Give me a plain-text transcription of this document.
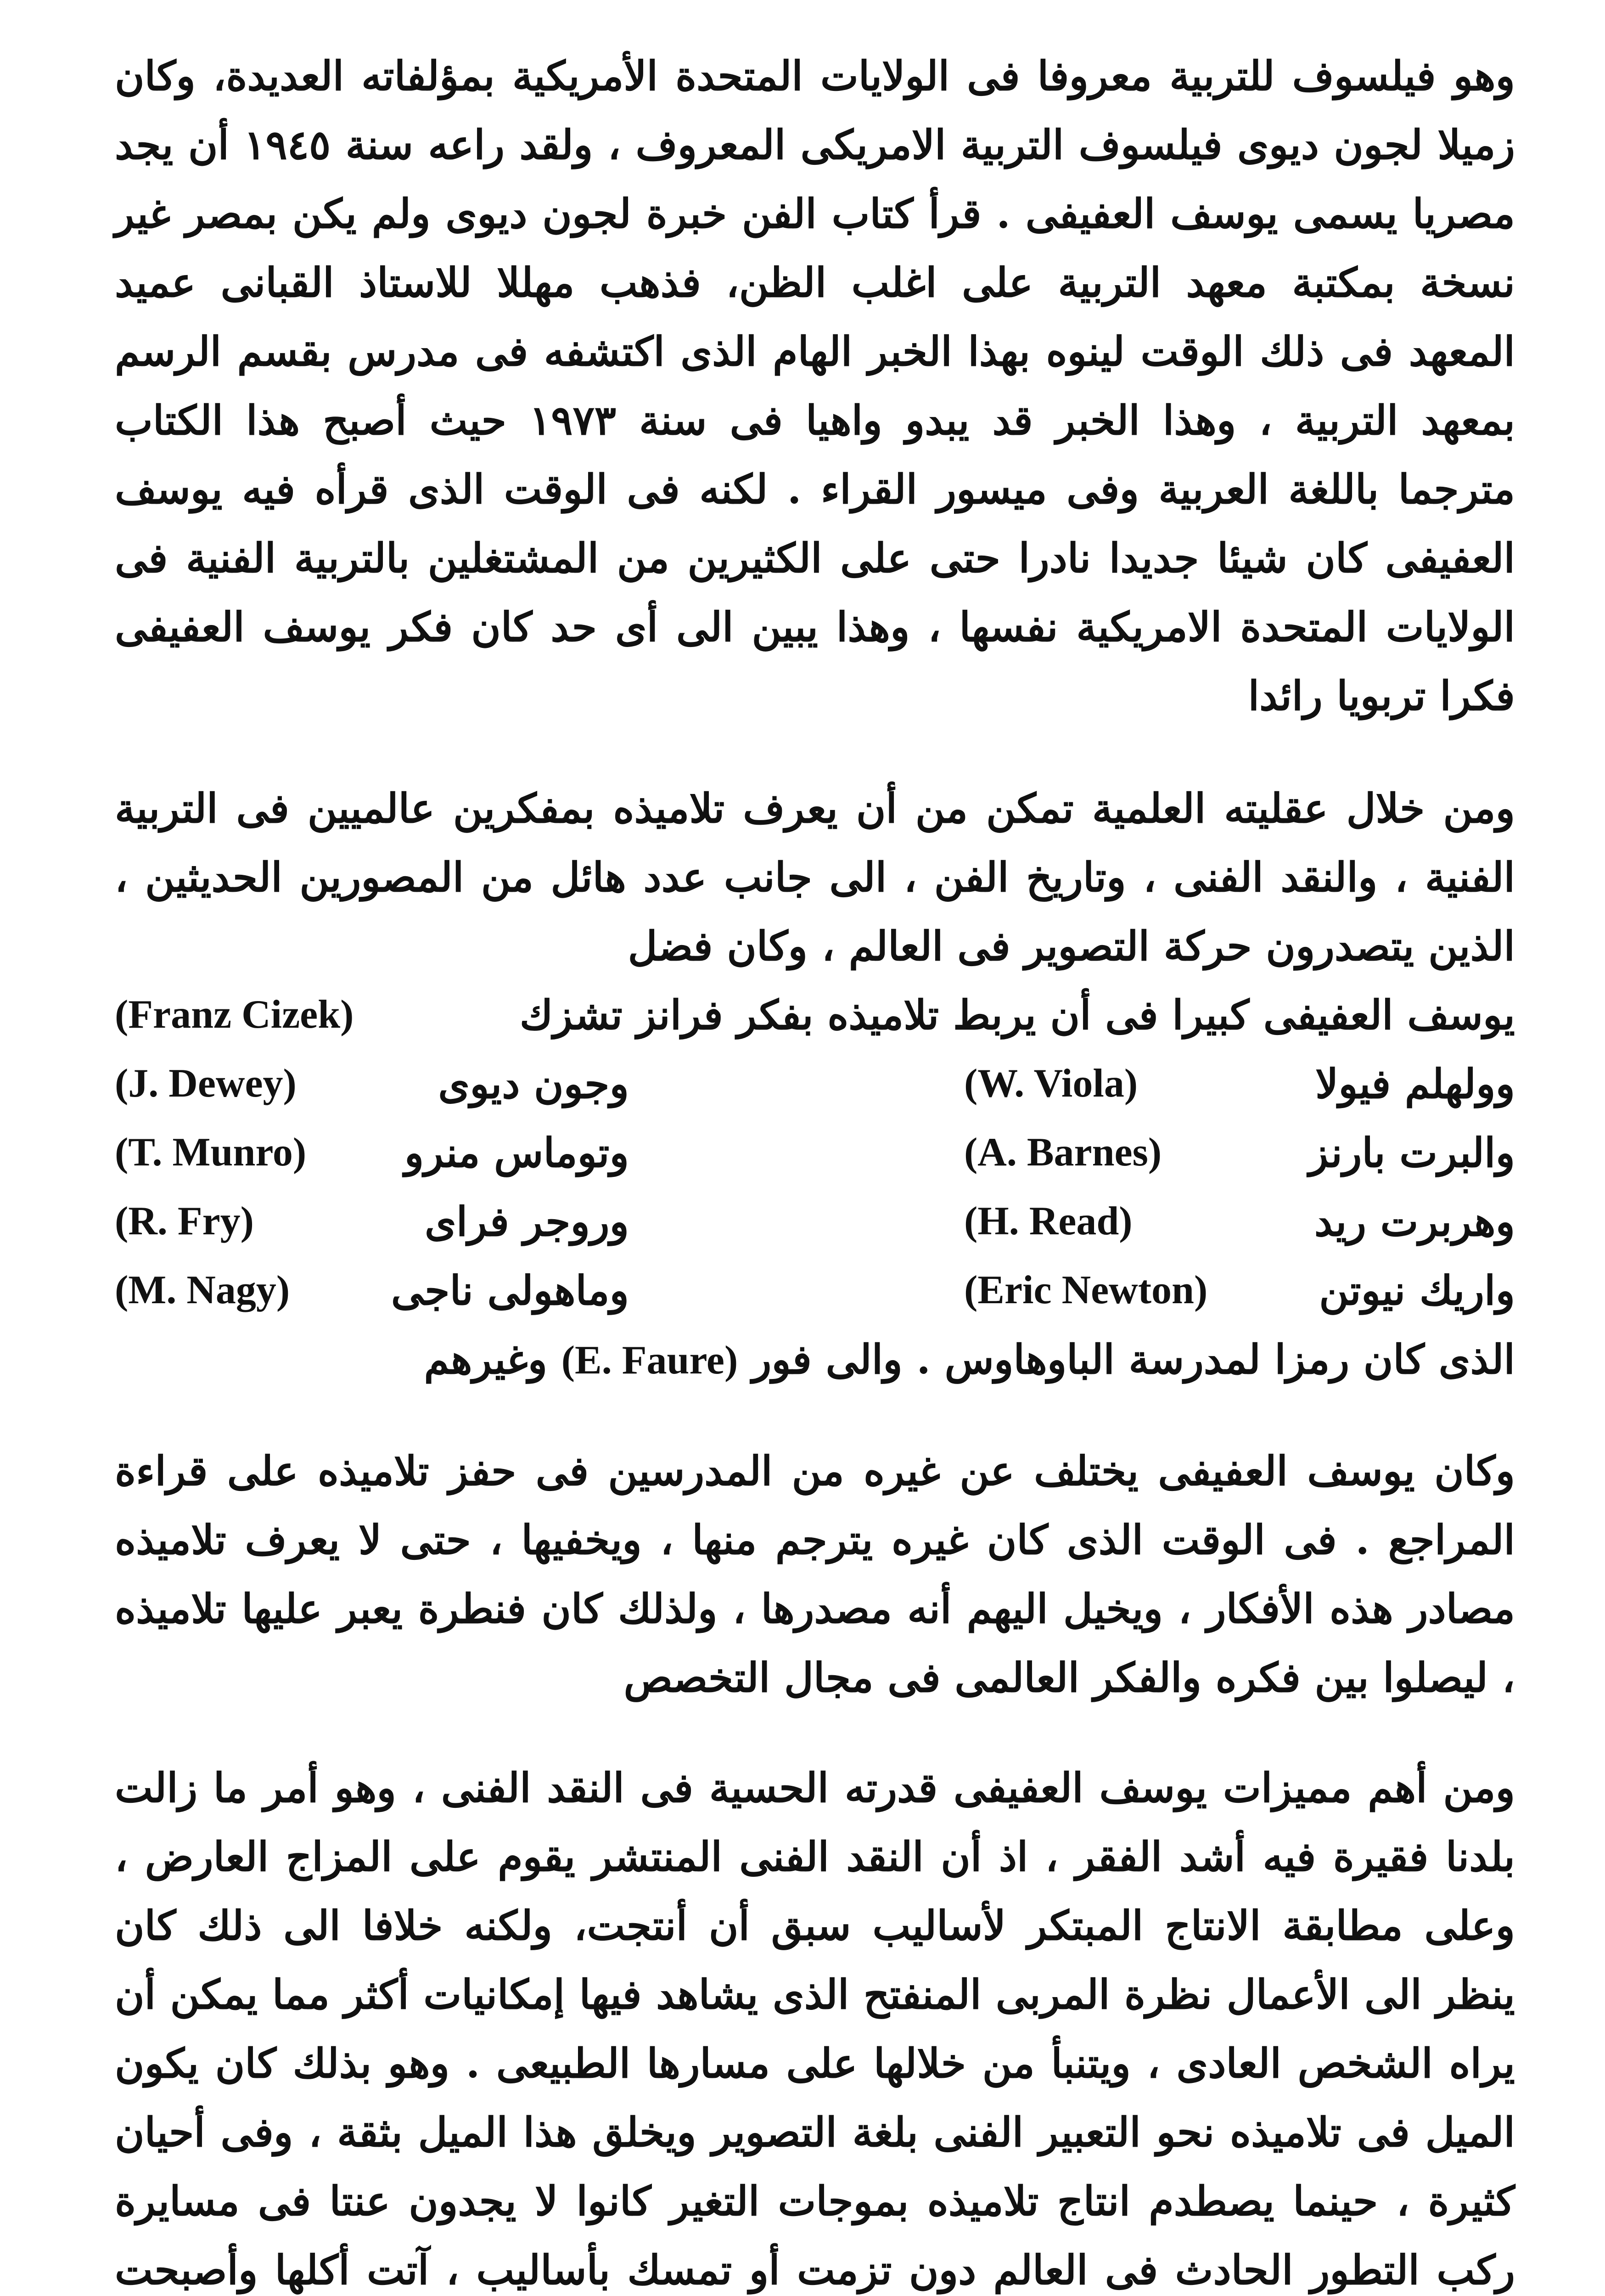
وهو فيلسوف للتربية معروفا فى الولايات المتحدة الأمريكية بمؤلفاته العديدة، وكان زميلا لجون ديوى فيلسوف التربية الامريكى المعروف ، ولقد راعه سنة ١٩٤٥ أن يجد مصريا يسمى يوسف العفيفى . قرأ كتاب الفن خبرة لجون ديوى ولم يكن بمصر غير نسخة بمكتبة معهد التربية على اغلب الظن، فذهب مهللا للاستاذ القبانى عميد المعهد فى ذلك الوقت لينوه بهذا الخبر الهام الذى اكتشفه فى مدرس بقسم الرسم بمعهد التربية ، وهذا الخبر قد يبدو واهيا فى سنة ١٩٧٣ حيث أصبح هذا الكتاب مترجما باللغة العربية وفى ميسور القراء . لكنه فى الوقت الذى قرأه فيه يوسف العفيفى كان شيئا جديدا نادرا حتى على الكثيرين من المشتغلين بالتربية الفنية فى الولايات المتحدة الامريكية نفسها ، وهذا يبين الى أى حد كان فكر يوسف العفيفى فكرا تربويا رائدا

ومن خلال عقليته العلمية تمكن من أن يعرف تلاميذه بمفكرين عالميين فى التربية الفنية ، والنقد الفنى ، وتاريخ الفن ، الى جانب عدد هائل من المصورين الحديثين ، الذين يتصدرون حركة التصوير فى العالم ، وكان فضل

يوسف العفيفى كبيرا فى أن يربط تلاميذه بفكر فرانز تشزك
(Franz Cizek)
وولهلم فيولا
(W. Viola)
وجون ديوى
(J. Dewey)
والبرت بارنز
(A. Barnes)
وتوماس منرو
(T. Munro)
وهربرت ريد
(H. Read)
وروجر فراى
(R. Fry)
واريك نيوتن
(Eric Newton)
وماهولى ناجى
(M. Nagy)
الذى كان رمزا لمدرسة الباوهاوس . والى فور (E. Faure) وغيرهم

وكان يوسف العفيفى يختلف عن غيره من المدرسين فى حفز تلاميذه على قراءة المراجع . فى الوقت الذى كان غيره يترجم منها ، ويخفيها ، حتى لا يعرف تلاميذه مصادر هذه الأفكار ، ويخيل اليهم أنه مصدرها ، ولذلك كان فنطرة يعبر عليها تلاميذه ، ليصلوا بين فكره والفكر العالمى فى مجال التخصص

ومن أهم مميزات يوسف العفيفى قدرته الحسية فى النقد الفنى ، وهو أمر ما زالت بلدنا فقيرة فيه أشد الفقر ، اذ أن النقد الفنى المنتشر يقوم على المزاج العارض ، وعلى مطابقة الانتاج المبتكر لأساليب سبق أن أنتجت، ولكنه خلافا الى ذلك كان ينظر الى الأعمال نظرة المربى المنفتح الذى يشاهد فيها إمكانيات أكثر مما يمكن أن يراه الشخص العادى ، ويتنبأ من خلالها على مسارها الطبيعى . وهو بذلك كان يكون الميل فى تلاميذه نحو التعبير الفنى بلغة التصوير ويخلق هذا الميل بثقة ، وفى أحيان كثيرة ، حينما يصطدم انتاج تلاميذه بموجات التغير كانوا لا يجدون عنتا فى مسايرة ركب التطور الحادث فى العالم دون تزمت أو تمسك بأساليب ، آتت أكلها وأصبحت
